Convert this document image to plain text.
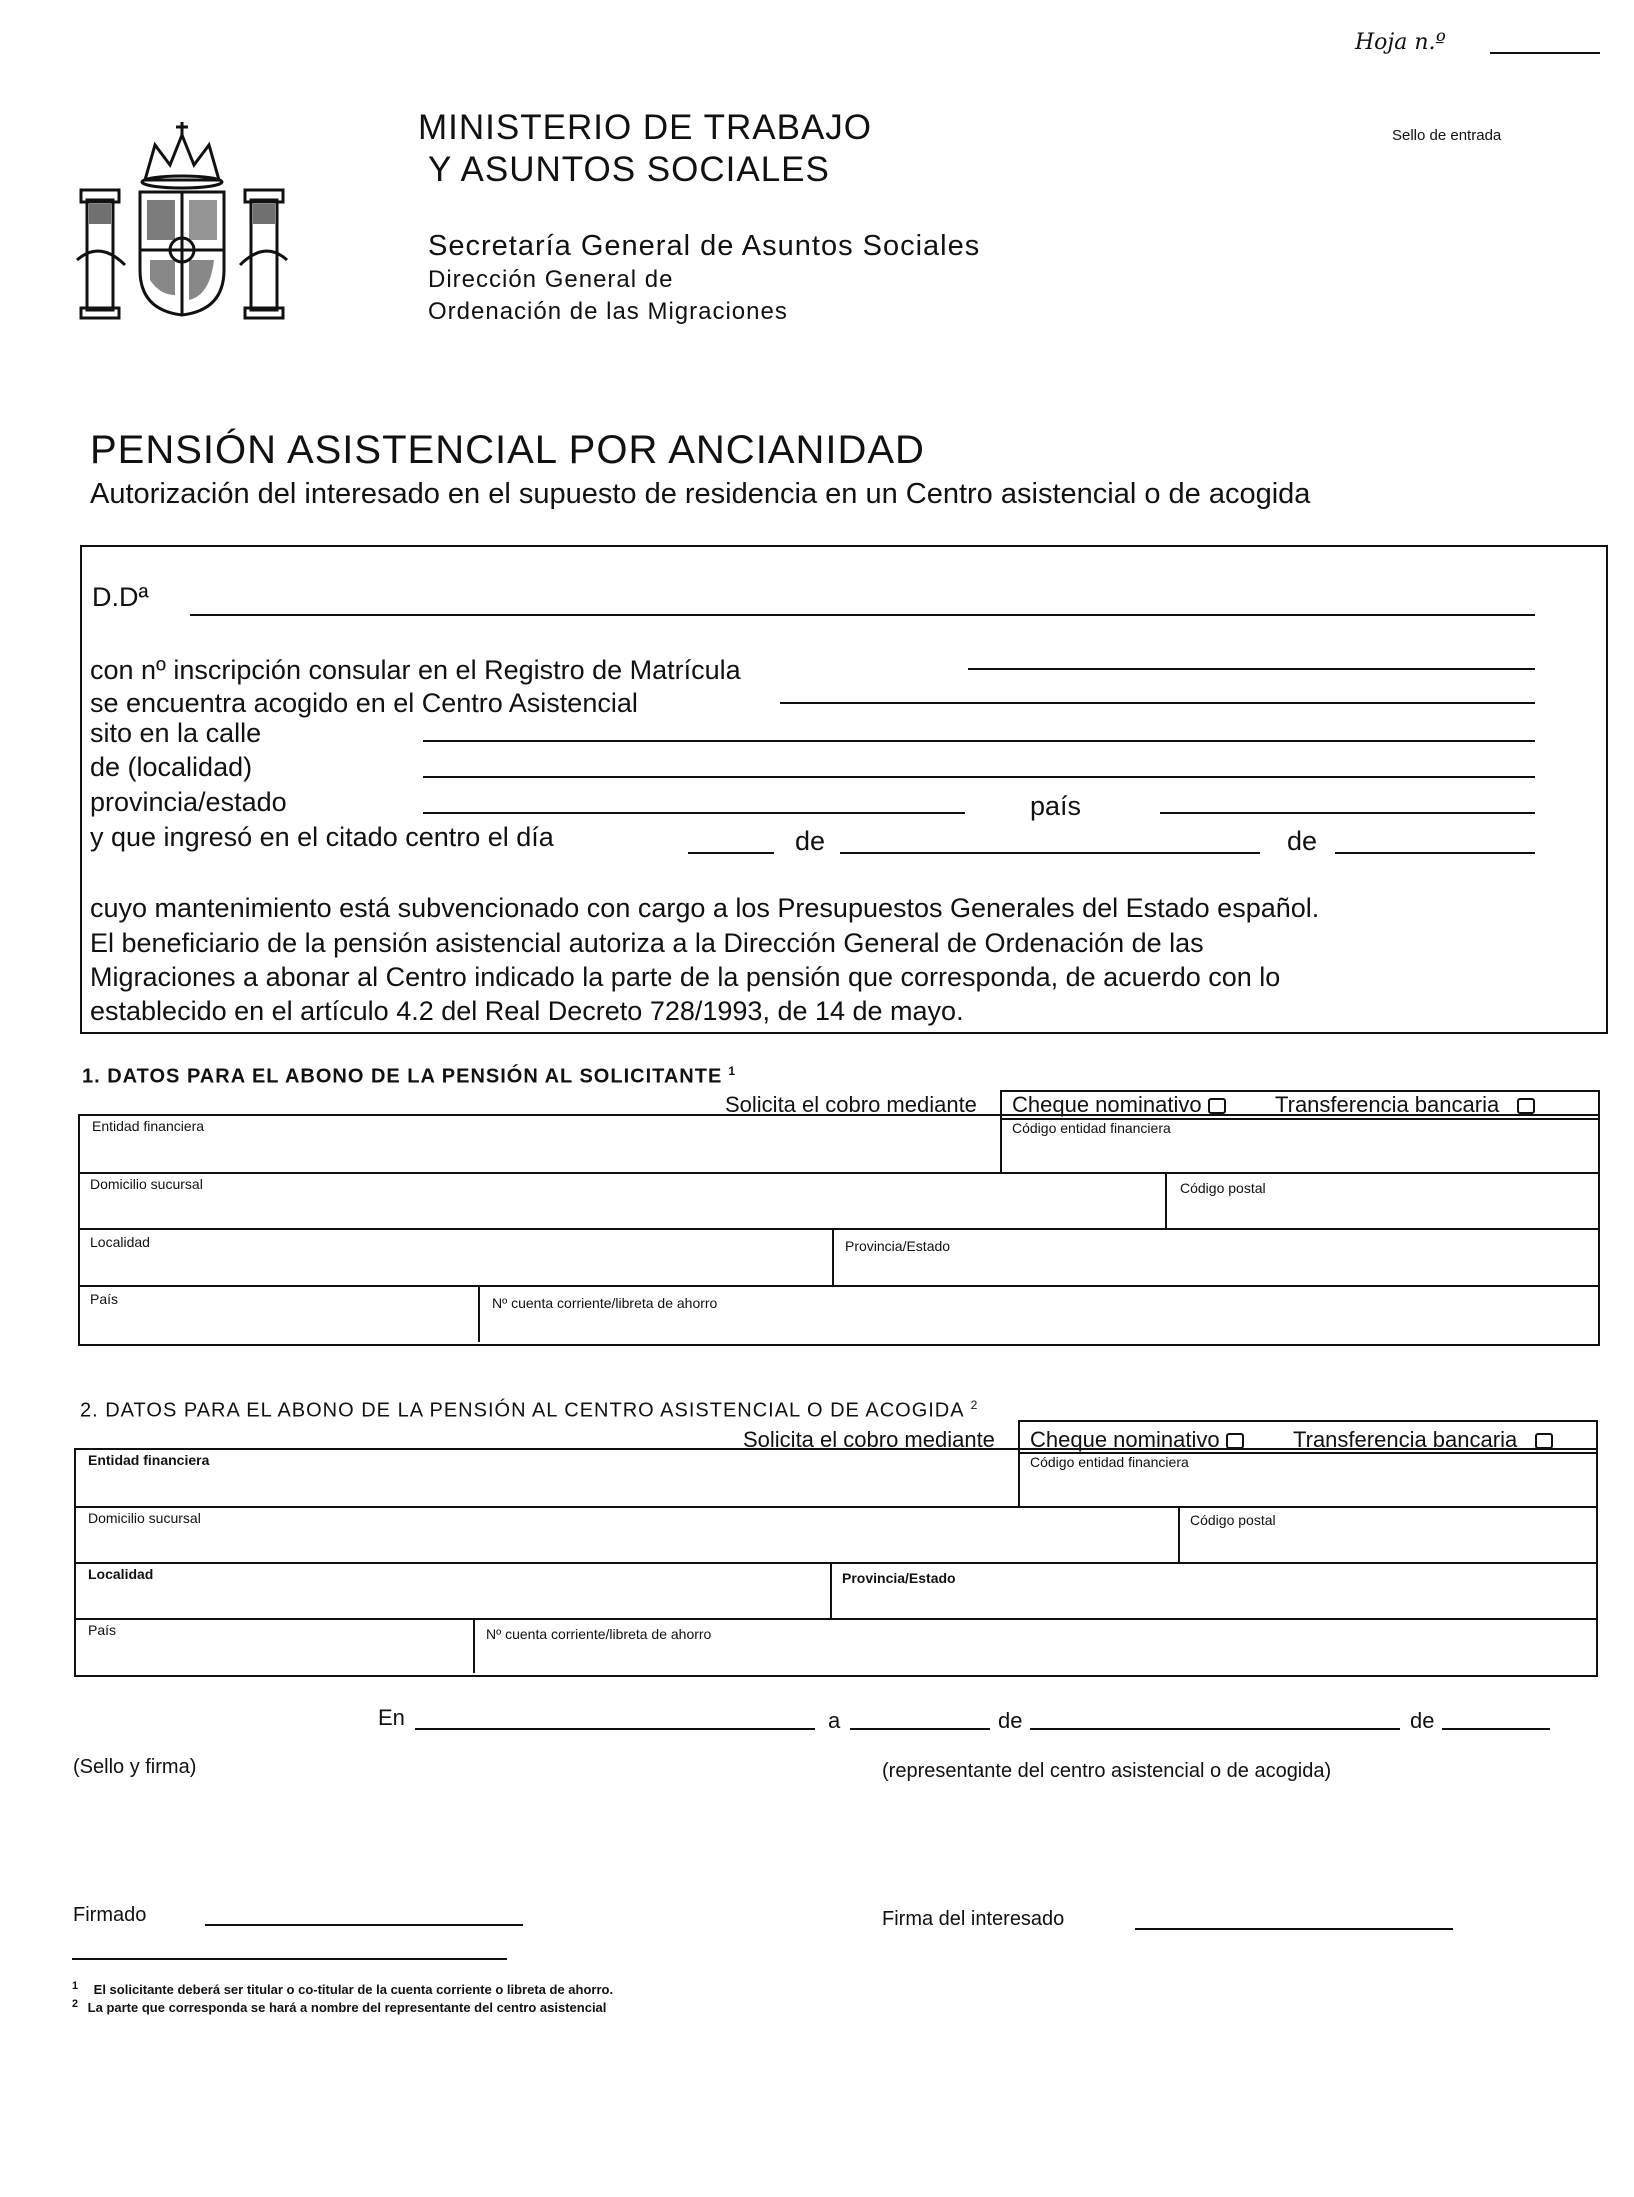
Hoja n.º
MINISTERIO DE TRABAJO
Y ASUNTOS SOCIALES
Secretaría General de Asuntos Sociales
Dirección General de
Ordenación de las Migraciones
Sello de entrada
PENSIÓN ASISTENCIAL POR ANCIANIDAD
Autorización del interesado en el supuesto de residencia en un Centro asistencial o de acogida
D.Dª
con nº inscripción consular en el Registro de Matrícula
se encuentra acogido en el Centro Asistencial
sito en la calle
de (localidad)
provincia/estado	país
y que ingresó en el citado centro el día	de	de
cuyo mantenimiento está subvencionado con cargo a los Presupuestos Generales del Estado español.
El beneficiario de la pensión asistencial autoriza a la Dirección General de Ordenación de las
Migraciones a abonar al Centro indicado la parte de la pensión que corresponda, de acuerdo con lo
establecido en el artículo 4.2 del Real Decreto 728/1993, de 14 de mayo.
1. DATOS PARA EL ABONO DE LA PENSIÓN AL SOLICITANTE $^1$
Solicita el cobro mediante Cheque nominativo	Transferencia bancaria
Entidad financiera	Código entidad financiera
Domicilio sucursal	Código postal
Localidad	Provincia/Estado
País	Nº cuenta corriente/libreta de ahorro
2. DATOS PARA EL ABONO DE LA PENSIÓN AL CENTRO ASISTENCIAL O DE ACOGIDA $^2$
Solicita el cobro mediante Cheque nominativo	Transferencia bancaria
Entidad financiera	Código entidad financiera
Domicilio sucursal	Código postal
Localidad	Provincia/Estado
País	Nº cuenta corriente/libreta de ahorro
En	a	de	de
(Sello y firma)	(representante del centro asistencial o de acogida)
Firmado	Firma del interesado
$^1$ El solicitante deberá ser titular o co-titular de la cuenta corriente o libreta de ahorro.
$^2$ La parte que corresponda se hará a nombre del representante del centro asistencial
